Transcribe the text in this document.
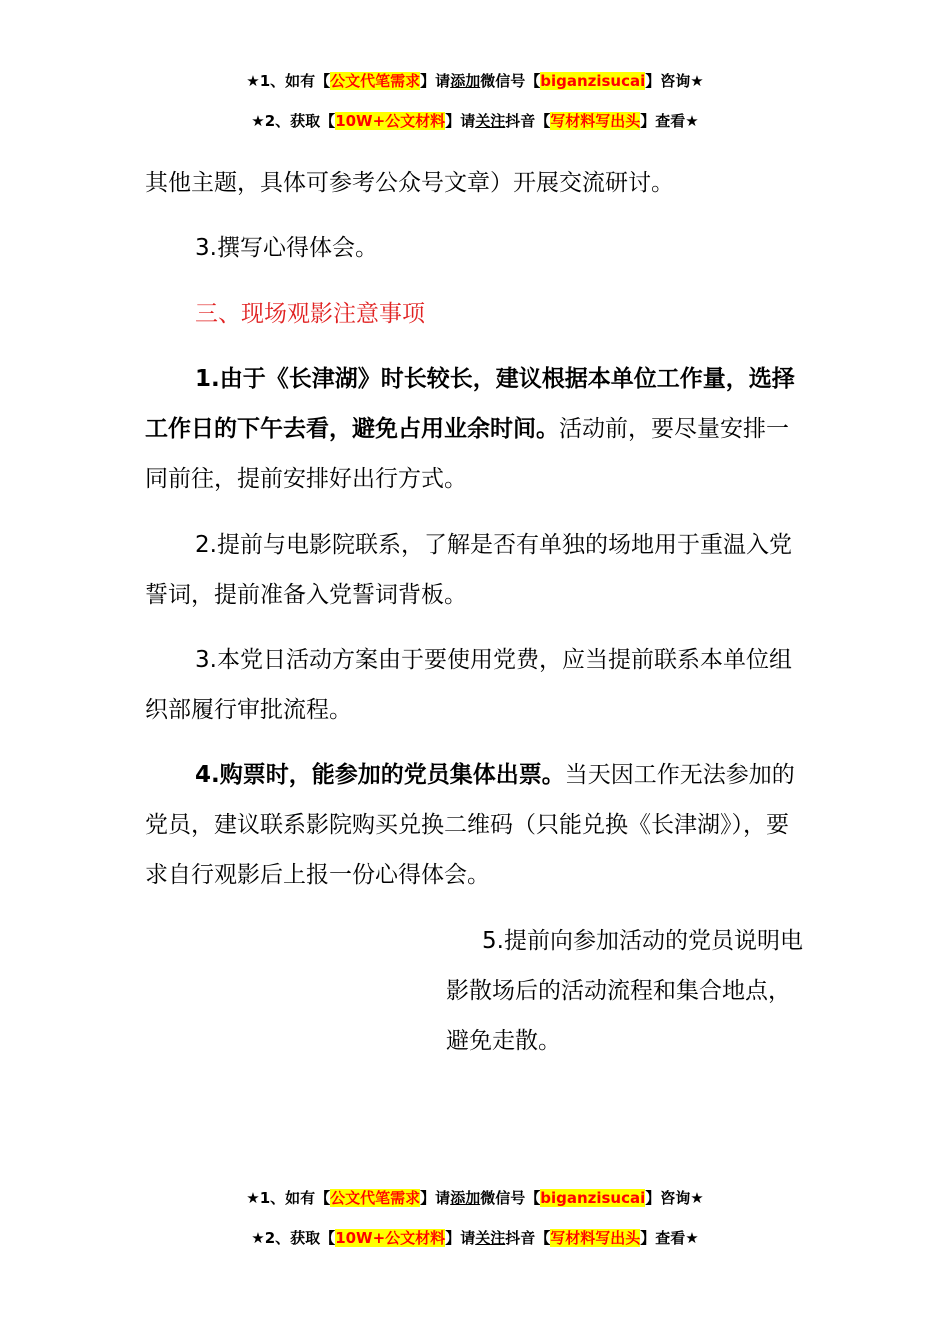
★1、如有【公文代笔需求】请添加微信号【biganzisucai】咨询★
★2、获取【10W+公文材料】请关注抖音【写材料写出头】查看★

其他主题，具体可参考公众号文章）开展交流研讨。

3.撰写心得体会。

三、现场观影注意事项

1.由于《长津湖》时长较长，建议根据本单位工作量，选择工作日的下午去看，避免占用业余时间。活动前，要尽量安排一同前往，提前安排好出行方式。

2.提前与电影院联系，了解是否有单独的场地用于重温入党誓词，提前准备入党誓词背板。

3.本党日活动方案由于要使用党费，应当提前联系本单位组织部履行审批流程。

4.购票时，能参加的党员集体出票。当天因工作无法参加的党员，建议联系影院购买兑换二维码（只能兑换《长津湖》），要求自行观影后上报一份心得体会。

5.提前向参加活动的党员说明电影散场后的活动流程和集合地点，避免走散。

★1、如有【公文代笔需求】请添加微信号【biganzisucai】咨询★
★2、获取【10W+公文材料】请关注抖音【写材料写出头】查看★
